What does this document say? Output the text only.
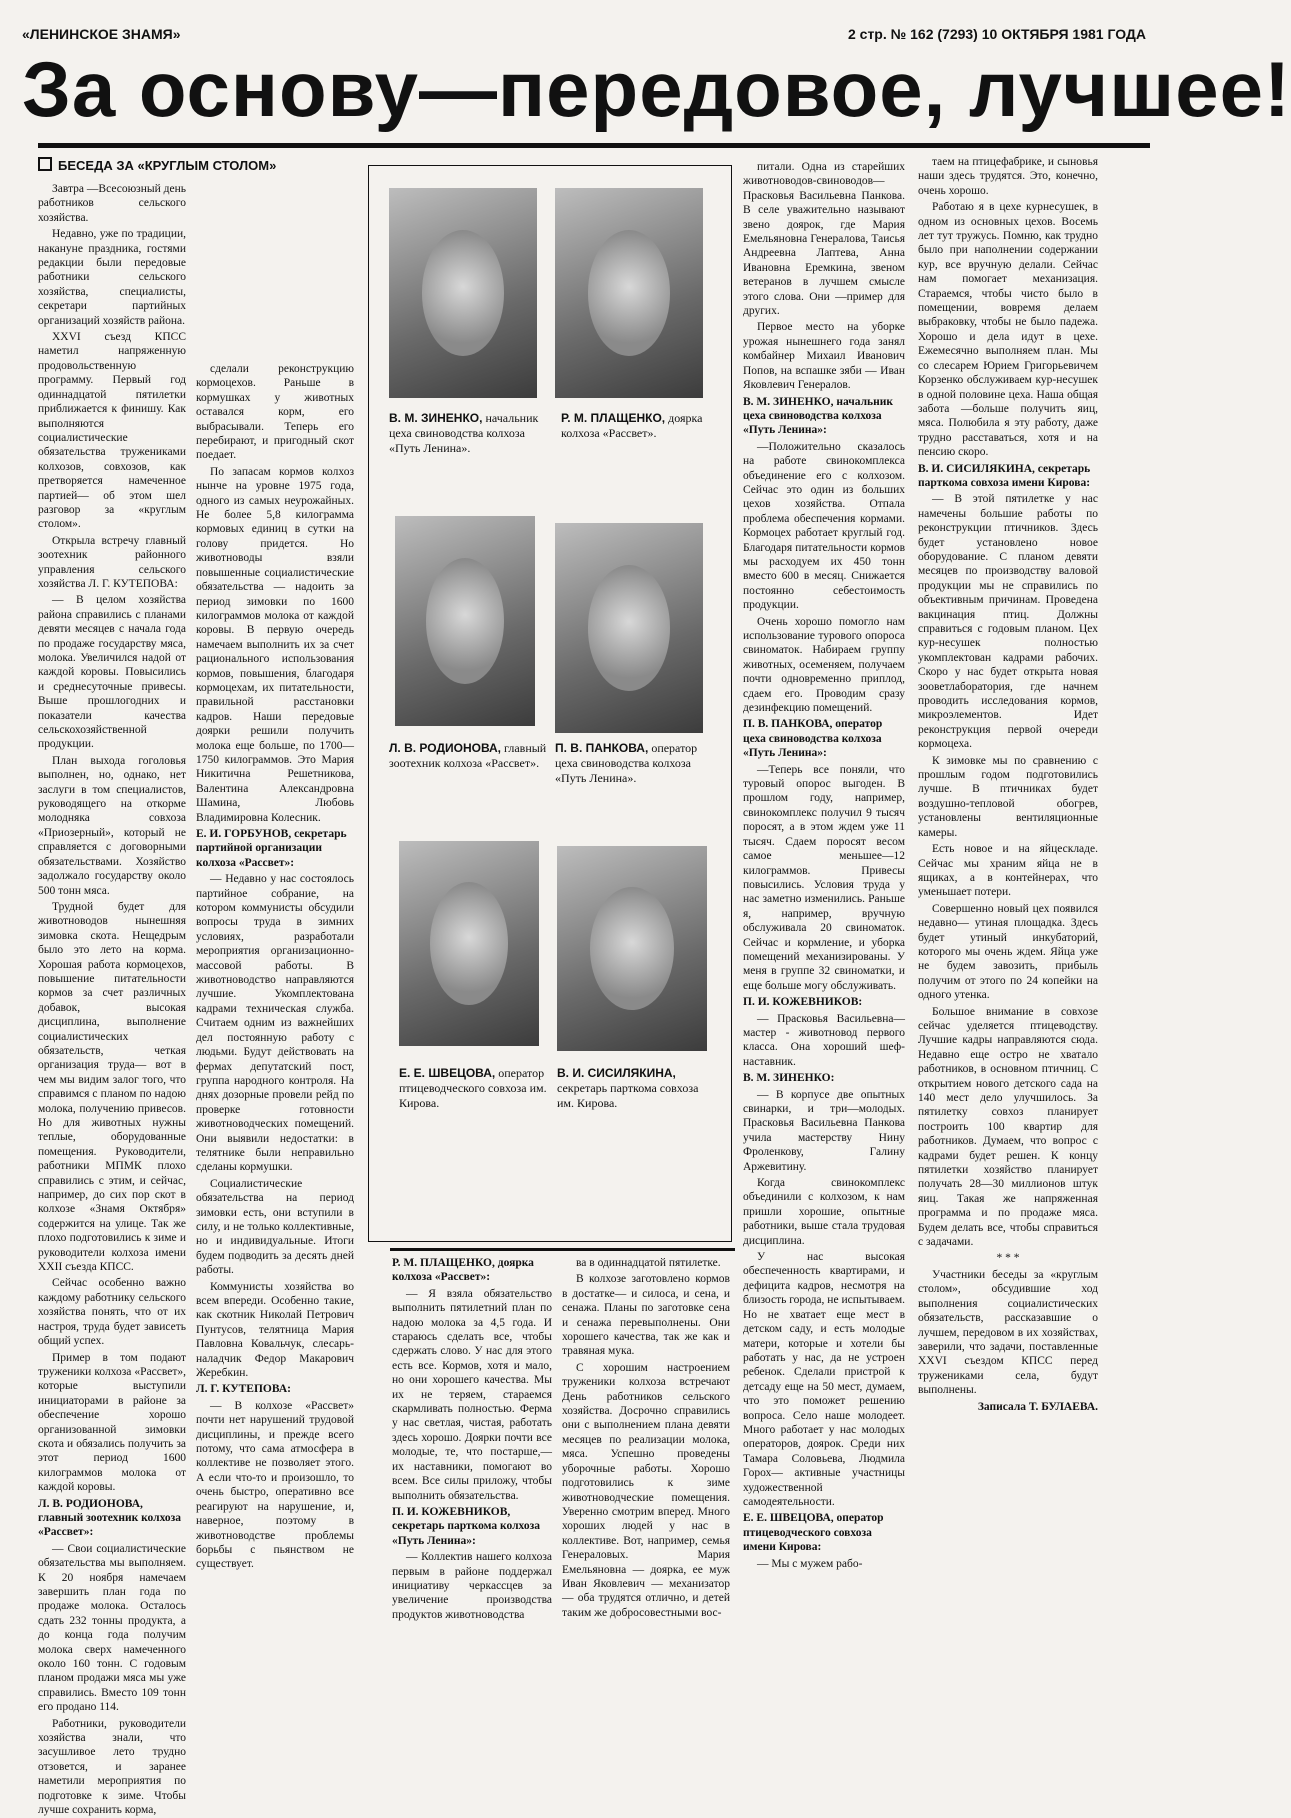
«ЛЕНИНСКОЕ ЗНАМЯ»	2 стр. № 162 (7293) 10 ОКТЯБРЯ 1981 ГОДА
За основу—передовое, лучшее!
БЕСЕДА ЗА «КРУГЛЫМ СТОЛОМ»

Завтра —Всесоюзный день работников сельского хозяйства.

Недавно, уже по традиции, накануне праздника, гостями редакции были передовые работники сельского хозяйства, специалисты, секретари партийных организаций хозяйств района.

XXVI съезд КПСС наметил напряженную продовольственную программу. Первый год одиннадцатой пятилетки приближается к финишу. Как выполняются социалистические обязательства тружениками колхозов, совхозов, как претворяется намеченное партией— об этом шел разговор за «круглым столом».

Открыла встречу главный зоотехник районного управления сельского хозяйства Л. Г. КУТЕПОВА:

— В целом хозяйства района справились с планами девяти месяцев с начала года по продаже государству мяса, молока. Увеличился надой от каждой коровы. Повысились и среднесуточные привесы. Выше прошлогодних и показатели качества сельскохозяйственной продукции.

План выхода гоголовья выполнен, но, однако, нет заслуги в том специалистов, руководящего на откорме молодняка совхоза «Приозерный», который не справляется с договорными обязательствами. Хозяйство задолжало государству около 500 тонн мяса.

Трудной будет для животноводов нынешняя зимовка скота. Нещедрым было это лето на корма. Хорошая работа кормоцехов, повышение питательности кормов за счет различных добавок, высокая дисциплина, выполнение социалистических обязательств, четкая организация труда— вот в чем мы видим залог того, что справимся с планом по надою молока, получению привесов. Но для животных нужны теплые, оборудованные помещения. Руководители, работники МПМК плохо справились с этим, и сейчас, например, до сих пор скот в колхозе «Знамя Октября» содержится на улице. Так же плохо подготовились к зиме и руководители колхоза имени XXII съезда КПСС.

Сейчас особенно важно каждому работнику сельского хозяйства понять, что от их настроя, труда будет зависеть общий успех.

Пример в том подают труженики колхоза «Рассвет», которые выступили инициаторами в районе за обеспечение хорошо организованной зимовки скота и обязались получить за этот период 1600 килограммов молока от каждой коровы.

Л. В. РОДИОНОВА, главный зоотехник колхоза «Рассвет»:

— Свои социалистические обязательства мы выполняем. К 20 ноября намечаем завершить план года по продаже молока. Осталось сдать 232 тонны продукта, а до конца года получим молока сверх намеченного около 160 тонн. С годовым планом продажи мяса мы уже справились. Вместо 109 тонн его продано 114.

Работники, руководители хозяйства знали, что засушливое лето трудно отзовется, и заранее наметили мероприятия по подготовке к зиме. Чтобы лучше сохранить корма,

сделали реконструкцию кормоцехов. Раньше в кормушках у животных оставался корм, его выбрасывали. Теперь его перебирают, и пригодный скот поедает.

По запасам кормов колхоз нынче на уровне 1975 года, одного из самых неурожайных. Не более 5,8 килограмма кормовых единиц в сутки на голову придется. Но животноводы взяли повышенные социалистические обязательства — надоить за период зимовки по 1600 килограммов молока от каждой коровы. В первую очередь намечаем выполнить их за счет рационального использования кормов, повышения, благодаря кормоцехам, их питательности, правильной расстановки кадров. Наши передовые доярки решили получить молока еще больше, по 1700—1750 килограммов. Это Мария Никитична Решетникова, Валентина Александровна Шамина, Любовь Владимировна Колесник.

Е. И. ГОРБУНОВ, секретарь партийной организации колхоза «Рассвет»:

— Недавно у нас состоялось партийное собрание, на котором коммунисты обсудили вопросы труда в зимних условиях, разработали мероприятия организационно-массовой работы. В животноводство направляются лучшие. Укомплектована кадрами техническая служба. Считаем одним из важнейших дел постоянную работу с людьми. Будут действовать на фермах депутатский пост, группа народного контроля. На днях дозорные провели рейд по проверке готовности животноводческих помещений. Они выявили недостатки: в телятнике были неправильно сделаны кормушки.

Социалистические обязательства на период зимовки есть, они вступили в силу, и не только коллективные, но и индивидуальные. Итоги будем подводить за десять дней работы.

Коммунисты хозяйства во всем впереди. Особенно такие, как скотник Николай Петрович Пунтусов, телятница Мария Павловна Ковальчук, слесарь-наладчик Федор Макарович Жеребкин.

Л. Г. КУТЕПОВА:

— В колхозе «Рассвет» почти нет нарушений трудовой дисциплины, и прежде всего потому, что сама атмосфера в коллективе не позволяет этого. А если что-то и произошло, то очень быстро, оперативно все реагируют на нарушение, и, наверное, поэтому в животноводстве проблемы борьбы с пьянством не существует.

В. М. ЗИНЕНКО, начальник цеха свиноводства колхоза «Путь Ленина».
Р. М. ПЛАЩЕНКО, доярка колхоза «Рассвет».
Л. В. РОДИОНОВА, главный зоотехник колхоза «Рассвет».
П. В. ПАНКОВА, оператор цеха свиноводства колхоза «Путь Ленина».
Е. Е. ШВЕЦОВА, оператор птицеводческого совхоза им. Кирова.
В. И. СИСИЛЯКИНА, секретарь парткома совхоза им. Кирова.

Р. М. ПЛАЩЕНКО, доярка колхоза «Рассвет»:

— Я взяла обязательство выполнить пятилетний план по надою молока за 4,5 года. И стараюсь сделать все, чтобы сдержать слово. У нас для этого есть все. Кормов, хотя и мало, но они хорошего качества. Мы их не теряем, стараемся скармливать полностью. Ферма у нас светлая, чистая, работать здесь хорошо. Доярки почти все молодые, те, что постарше,— их наставники, помогают во всем. Все силы приложу, чтобы выполнить обязательства.

П. И. КОЖЕВНИКОВ, секретарь парткома колхоза «Путь Ленина»:

— Коллектив нашего колхоза первым в районе поддержал инициативу черкассцев за увеличение производства продуктов животноводства

ва в одиннадцатой пятилетке.

В колхозе заготовлено кормов в достатке— и силоса, и сена, и сенажа. Планы по заготовке сена и сенажа перевыполнены. Они хорошего качества, так же как и травяная мука.

С хорошим настроением труженики колхоза встречают День работников сельского хозяйства. Досрочно справились они с выполнением плана девяти месяцев по реализации молока, мяса. Успешно проведены уборочные работы. Хорошо подготовились к зиме животноводческие помещения. Уверенно смотрим вперед. Много хороших людей у нас в коллективе. Вот, например, семья Генераловых. Мария Емельяновна — доярка, ее муж Иван Яковлевич — механизатор — оба трудятся отлично, и детей таким же добросовестными вос-

питали. Одна из старейших животноводов-свиноводов— Прасковья Васильевна Панкова. В селе уважительно называют звено доярок, где Мария Емельяновна Генералова, Таисья Андреевна Лаптева, Анна Ивановна Еремкина, звеном ветеранов в лучшем смысле этого слова. Они —пример для других.

Первое место на уборке урожая нынешнего года занял комбайнер Михаил Иванович Попов, на вспашке зяби — Иван Яковлевич Генералов.

В. М. ЗИНЕНКО, начальник цеха свиноводства колхоза «Путь Ленина»:

—Положительно сказалось на работе свинокомплекса объединение его с колхозом. Сейчас это один из больших цехов хозяйства. Отпала проблема обеспечения кормами. Кормоцех работает круглый год. Благодаря питательности кормов мы расходуем их 450 тонн вместо 600 в месяц. Снижается постоянно себестоимость продукции.

Очень хорошо помогло нам использование турового опороса свиноматок. Набираем группу животных, осеменяем, получаем почти одновременно приплод, сдаем его. Проводим сразу дезинфекцию помещений.

П. В. ПАНКОВА, оператор цеха свиноводства колхоза «Путь Ленина»:

—Теперь все поняли, что туровый опорос выгоден. В прошлом году, например, свинокомплекс получил 9 тысяч поросят, а в этом ждем уже 11 тысяч. Сдаем поросят весом самое меньшее—12 килограммов. Привесы повысились. Условия труда у нас заметно изменились. Раньше я, например, вручную обслуживала 20 свиноматок. Сейчас и кормление, и уборка помещений механизированы. У меня в группе 32 свиноматки, и еще больше могу обслуживать.

П. И. КОЖЕВНИКОВ:

— Прасковья Васильевна— мастер - животновод первого класса. Она хороший шеф-наставник.

В. М. ЗИНЕНКО:

— В корпусе две опытных свинарки, и три—молодых. Прасковья Васильевна Панкова учила мастерству Нину Фроленкову, Галину Аржевитину.

Когда свинокомплекс объединили с колхозом, к нам пришли хорошие, опытные работники, выше стала трудовая дисциплина.

У нас высокая обеспеченность квартирами, и дефицита кадров, несмотря на близость города, не испытываем. Но не хватает еще мест в детском саду, и есть молодые матери, которые и хотели бы работать у нас, да не устроен ребенок. Сделали пристрой к детсаду еще на 50 мест, думаем, что это поможет решению вопроса. Село наше молодеет. Много работает у нас молодых операторов, доярок. Среди них Тамара Соловьева, Людмила Горох— активные участницы художественной самодеятельности.

Е. Е. ШВЕЦОВА, оператор птицеводческого совхоза имени Кирова:

— Мы с мужем рабо-

таем на птицефабрике, и сыновья наши здесь трудятся. Это, конечно, очень хорошо.

Работаю я в цехе курнесушек, в одном из основных цехов. Восемь лет тут тружусь. Помню, как трудно было при наполнении содержании кур, все вручную делали. Сейчас нам помогает механизация. Стараемся, чтобы чисто было в помещении, вовремя делаем выбраковку, чтобы не было падежа. Хорошо и дела идут в цехе. Ежемесячно выполняем план. Мы со слесарем Юрием Григорьевичем Корзенко обслуживаем кур-несушек в одной половине цеха. Наша общая забота —больше получить яиц, мяса. Полюбила я эту работу, даже трудно расставаться, хотя и на пенсию скоро.

В. И. СИСИЛЯКИНА, секретарь парткома совхоза имени Кирова:

— В этой пятилетке у нас намечены большие работы по реконструкции птичников. Здесь будет установлено новое оборудование. С планом девяти месяцев по производству валовой продукции мы не справились по объективным причинам. Проведена вакцинация птиц. Должны справиться с годовым планом. Цех кур-несушек полностью укомплектован кадрами рабочих. Скоро у нас будет открыта новая зооветлаборатория, где начнем проводить исследования кормов, микроэлементов. Идет реконструкция первой очереди кормоцеха.

К зимовке мы по сравнению с прошлым годом подготовились лучше. В птичниках будет воздушно-тепловой обогрев, установлены вентиляционные камеры.

Есть новое и на яйцескладе. Сейчас мы храним яйца не в ящиках, а в контейнерах, что уменьшает потери.

Совершенно новый цех появился недавно— утиная площадка. Здесь будет утиный инкубаторий, которого мы очень ждем. Яйца уже не будем завозить, прибыль получим от этого по 24 копейки на одного утенка.

Большое внимание в совхозе сейчас уделяется птицеводству. Лучшие кадры направляются сюда. Недавно еще остро не хватало работников, в основном птичниц. С открытием нового детского сада на 140 мест дело улучшилось. За пятилетку совхоз планирует построить 100 квартир для работников. Думаем, что вопрос с кадрами будет решен. К концу пятилетки хозяйство планирует получать 28—30 миллионов штук яиц. Такая же напряженная программа и по продаже мяса. Будем делать все, чтобы справиться с задачами.

* * *

Участники беседы за «круглым столом», обсудившие ход выполнения социалистических обязательств, рассказавшие о лучшем, передовом в их хозяйствах, заверили, что задачи, поставленные XXVI съездом КПСС перед тружениками села, будут выполнены.

Записала Т. БУЛАЕВА.
